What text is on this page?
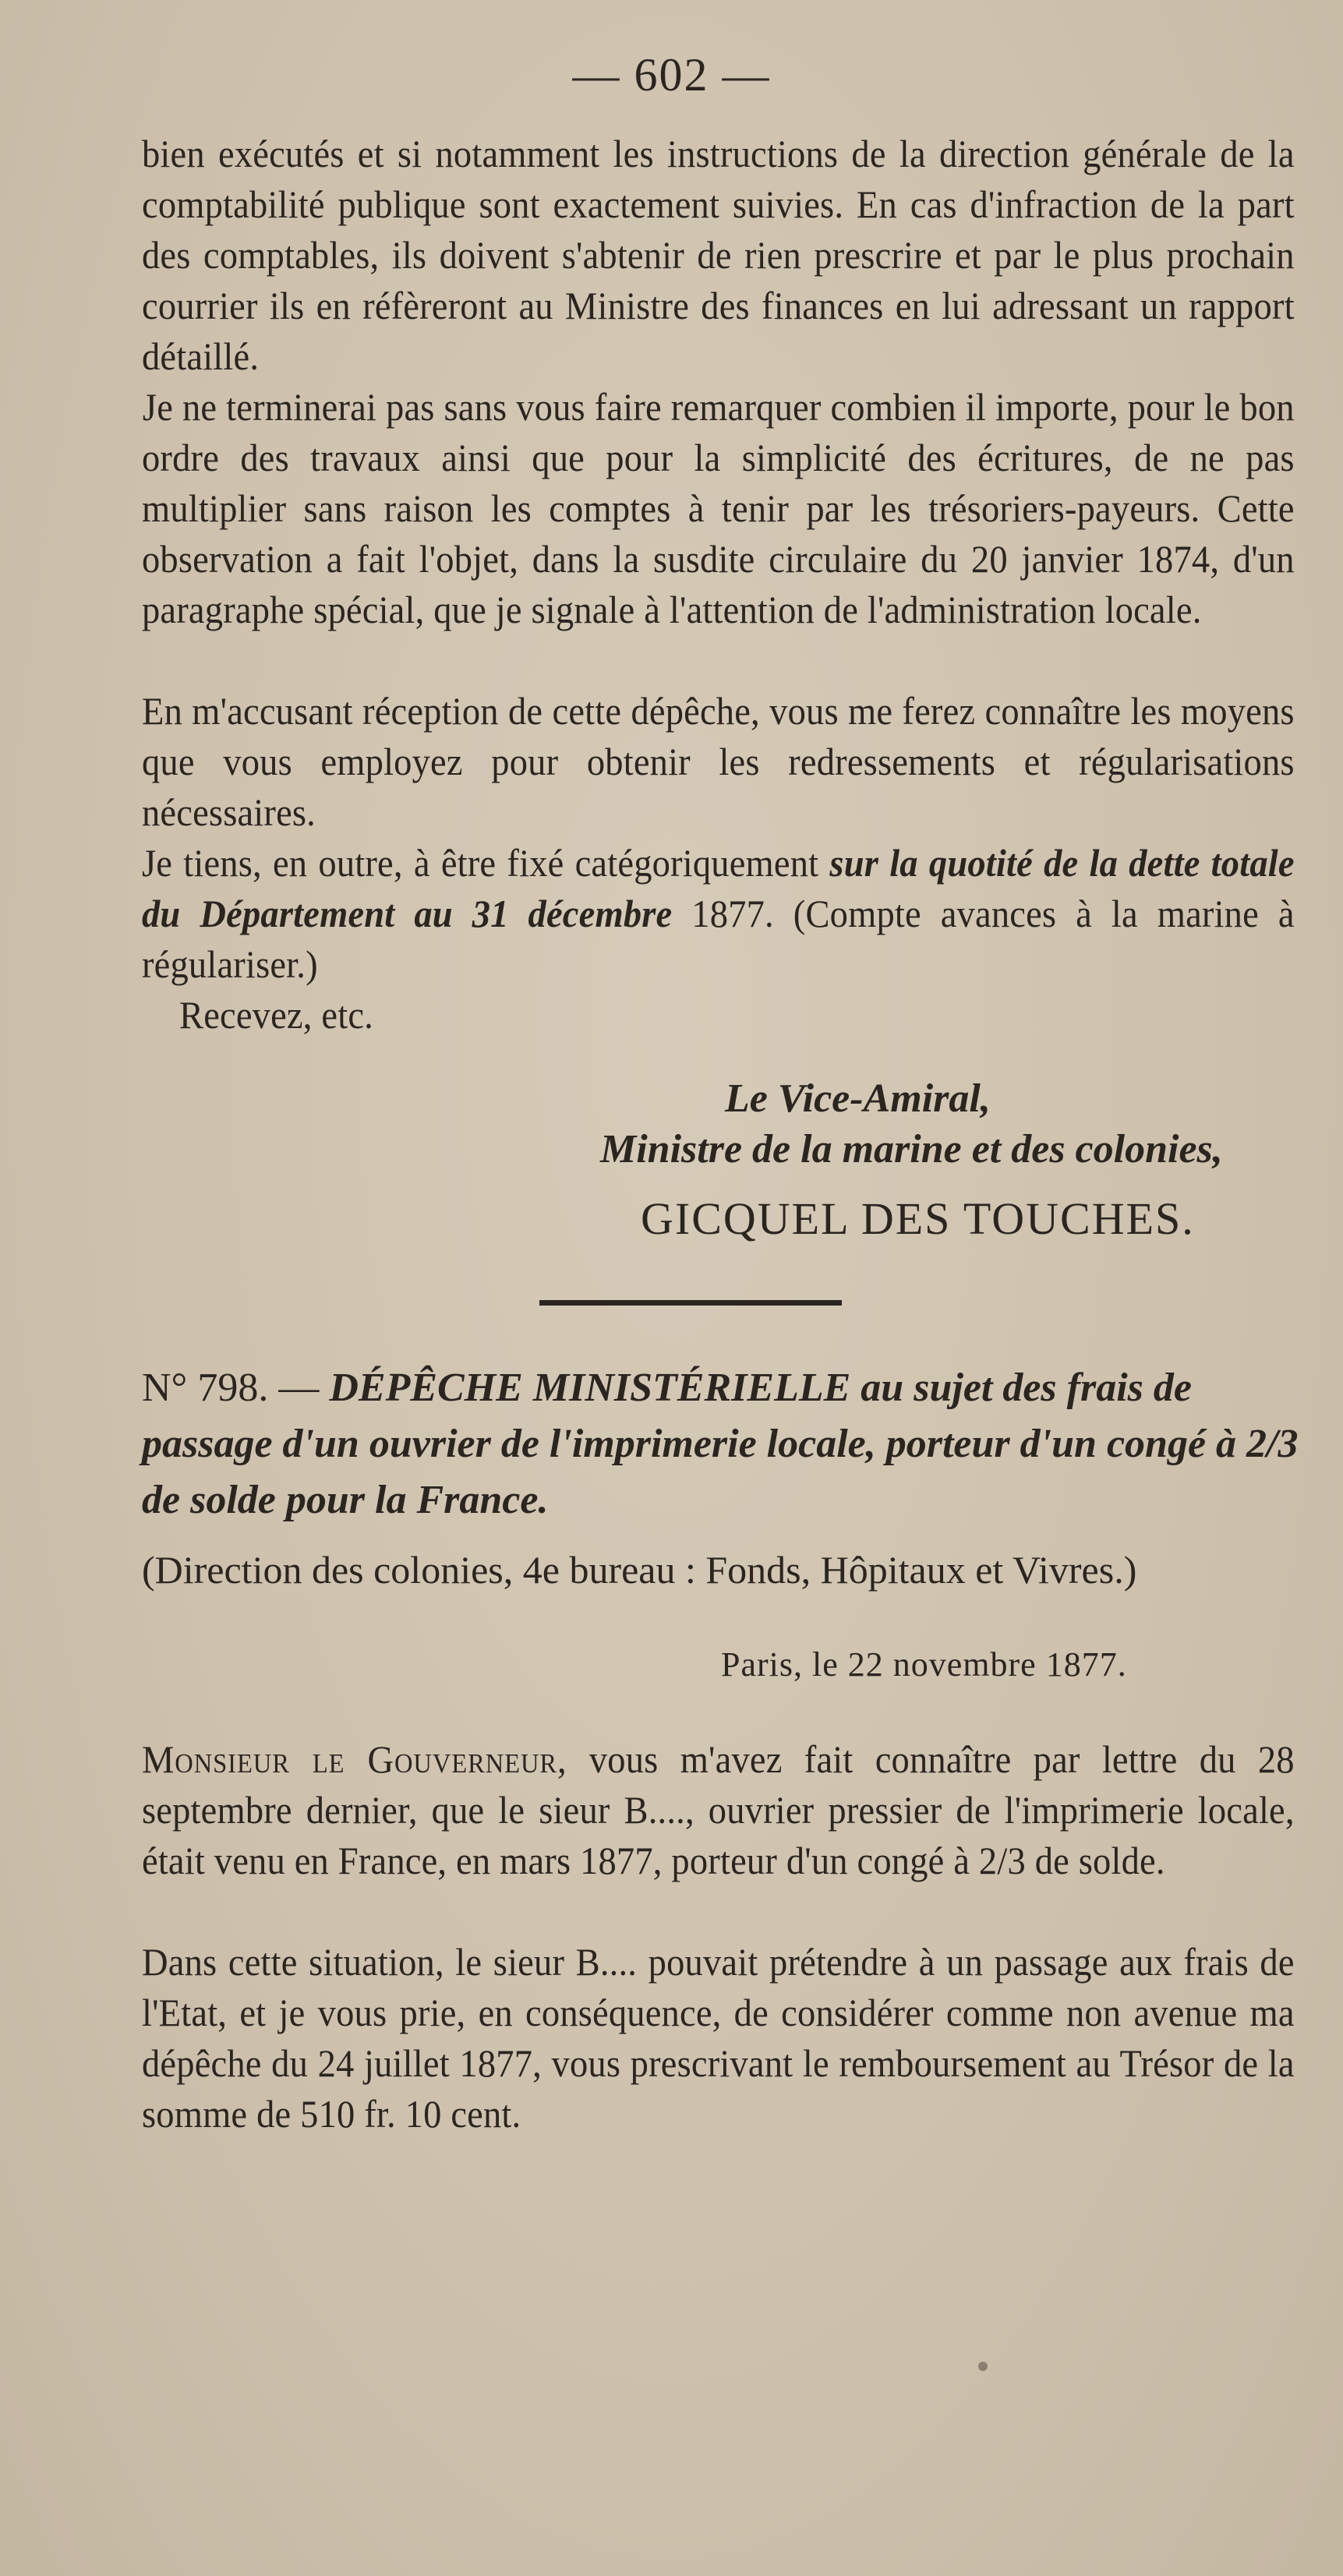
— 602 —

bien exécutés et si notamment les instructions de la direction générale de la comptabilité publique sont exactement suivies. En cas d'infraction de la part des comptables, ils doivent s'abtenir de rien prescrire et par le plus prochain courrier ils en réfèreront au Ministre des finances en lui adressant un rapport détaillé.

Je ne terminerai pas sans vous faire remarquer combien il importe, pour le bon ordre des travaux ainsi que pour la simplicité des écritures, de ne pas multiplier sans raison les comptes à tenir par les trésoriers-payeurs. Cette observation a fait l'objet, dans la susdite circulaire du 20 janvier 1874, d'un paragraphe spécial, que je signale à l'attention de l'administration locale.

En m'accusant réception de cette dépêche, vous me ferez connaître les moyens que vous employez pour obtenir les redressements et régularisations nécessaires.

Je tiens, en outre, à être fixé catégoriquement sur la quotité de la dette totale du Département au 31 décembre 1877. (Compte avances à la marine à régulariser.)

Recevez, etc.

Le Vice-Amiral,
Ministre de la marine et des colonies,
GICQUEL DES TOUCHES.
N° 798. — DÉPÊCHE MINISTÉRIELLE au sujet des frais de passage d'un ouvrier de l'imprimerie locale, porteur d'un congé à 2/3 de solde pour la France.
(Direction des colonies, 4e bureau : Fonds, Hôpitaux et Vivres.)
Paris, le 22 novembre 1877.

Monsieur le Gouverneur, vous m'avez fait connaître par lettre du 28 septembre dernier, que le sieur B...., ouvrier pressier de l'imprimerie locale, était venu en France, en mars 1877, porteur d'un congé à 2/3 de solde.

Dans cette situation, le sieur B.... pouvait prétendre à un passage aux frais de l'Etat, et je vous prie, en conséquence, de considérer comme non avenue ma dépêche du 24 juillet 1877, vous prescrivant le remboursement au Trésor de la somme de 510 fr. 10 cent.
